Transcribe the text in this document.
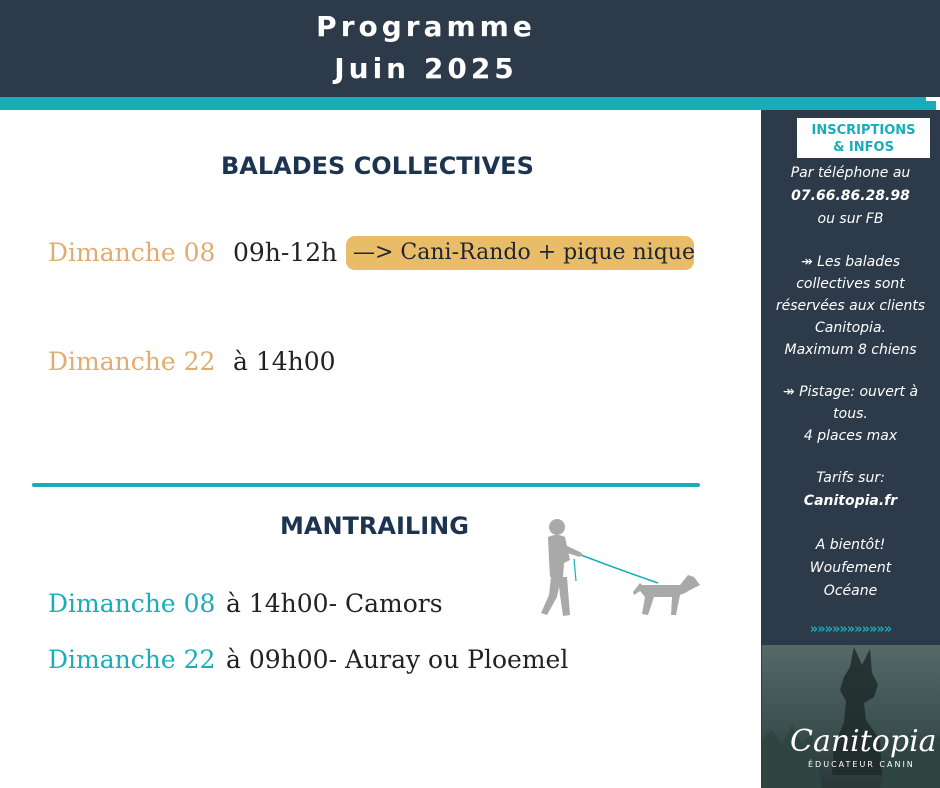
Programme
Juin 2025
BALADES COLLECTIVES
Dimanche 08 09h-12h —> Cani-Rando + pique nique
Dimanche 22 à 14h00
MANTRAILING
Dimanche 08 à 14h00- Camors
Dimanche 22 à 09h00- Auray ou Ploemel
INSCRIPTIONS
& INFOS
Par téléphone au
07.66.86.28.98
ou sur FB
↠ Les balades
collectives sont
réservées aux clients
Canitopia.
Maximum 8 chiens
↠ Pistage: ouvert à
tous.
4 places max
Tarifs sur:
Canitopia.fr
A bientôt!
Woufement
Océane
»»»»»»»»»»»
Canitopia
ÉDUCATEUR CANIN
